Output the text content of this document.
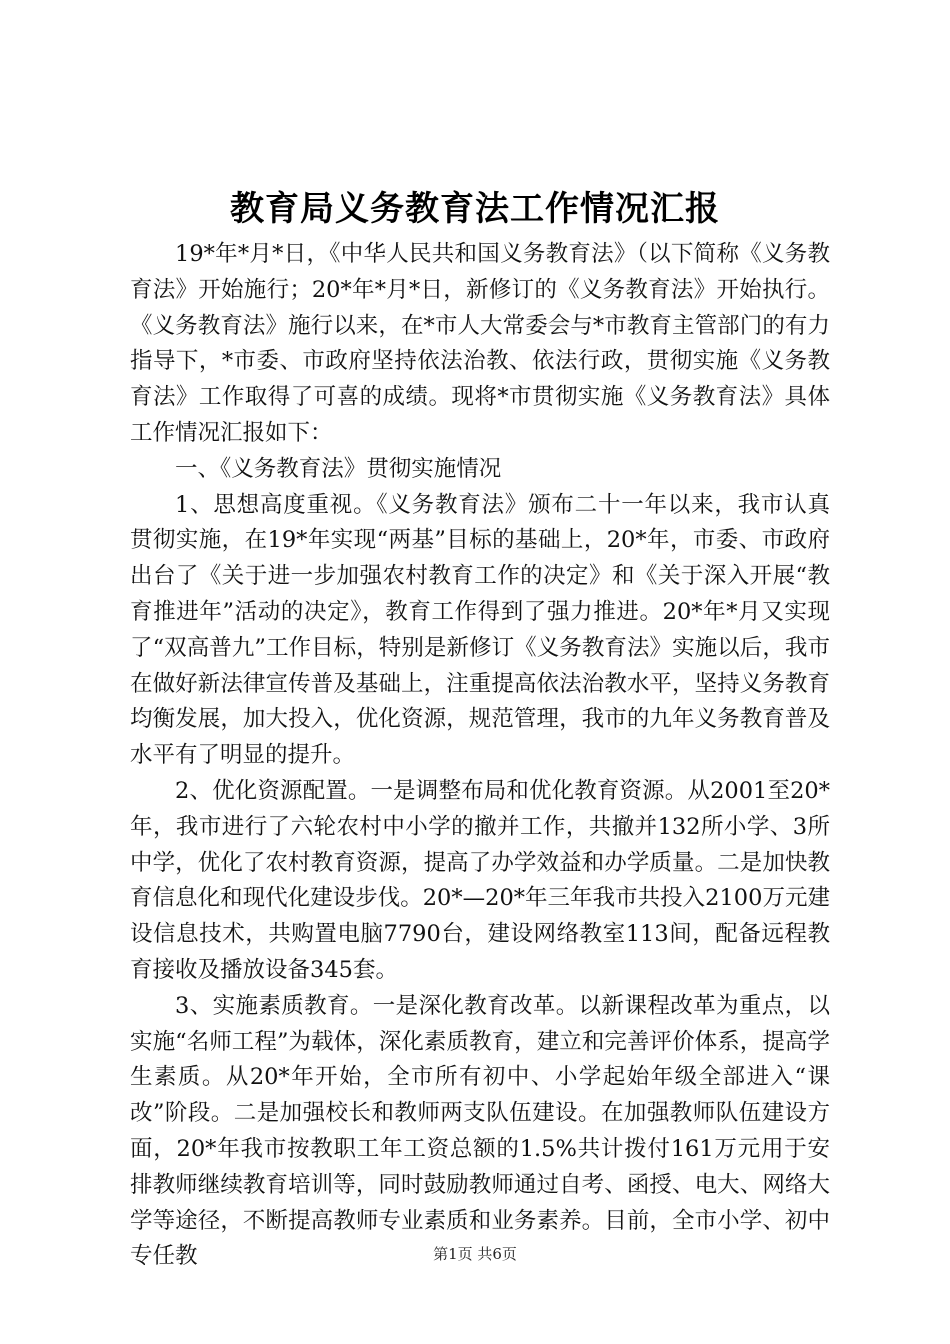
教育局义务教育法工作情况汇报

19*年*月*日，《中华人民共和国义务教育法》（以下简称《义务教育法》开始施行；20*年*月*日，新修订的《义务教育法》开始执行。《义务教育法》施行以来，在*市人大常委会与*市教育主管部门的有力指导下，*市委、市政府坚持依法治教、依法行政，贯彻实施《义务教育法》工作取得了可喜的成绩。现将*市贯彻实施《义务教育法》具体工作情况汇报如下：

一、《义务教育法》贯彻实施情况

1、思想高度重视。《义务教育法》颁布二十一年以来，我市认真贯彻实施，在19*年实现“两基”目标的基础上，20*年，市委、市政府出台了《关于进一步加强农村教育工作的决定》和《关于深入开展“教育推进年”活动的决定》，教育工作得到了强力推进。20*年*月又实现了“双高普九”工作目标，特别是新修订《义务教育法》实施以后，我市在做好新法律宣传普及基础上，注重提高依法治教水平，坚持义务教育均衡发展，加大投入，优化资源，规范管理，我市的九年义务教育普及水平有了明显的提升。

2、优化资源配置。一是调整布局和优化教育资源。从2001至20*年，我市进行了六轮农村中小学的撤并工作，共撤并132所小学、3所中学，优化了农村教育资源，提高了办学效益和办学质量。二是加快教育信息化和现代化建设步伐。20*—20*年三年我市共投入2100万元建设信息技术，共购置电脑7790台，建设网络教室113间，配备远程教育接收及播放设备345套。

3、实施素质教育。一是深化教育改革。以新课程改革为重点，以实施“名师工程”为载体，深化素质教育，建立和完善评价体系，提高学生素质。从20*年开始，全市所有初中、小学起始年级全部进入“课改”阶段。二是加强校长和教师两支队伍建设。在加强教师队伍建设方面，20*年我市按教职工年工资总额的1.5%共计拨付161万元用于安排教师继续教育培训等，同时鼓励教师通过自考、函授、电大、网络大学等途径，不断提高教师专业素质和业务素养。目前，全市小学、初中专任教	第1页 共6页
